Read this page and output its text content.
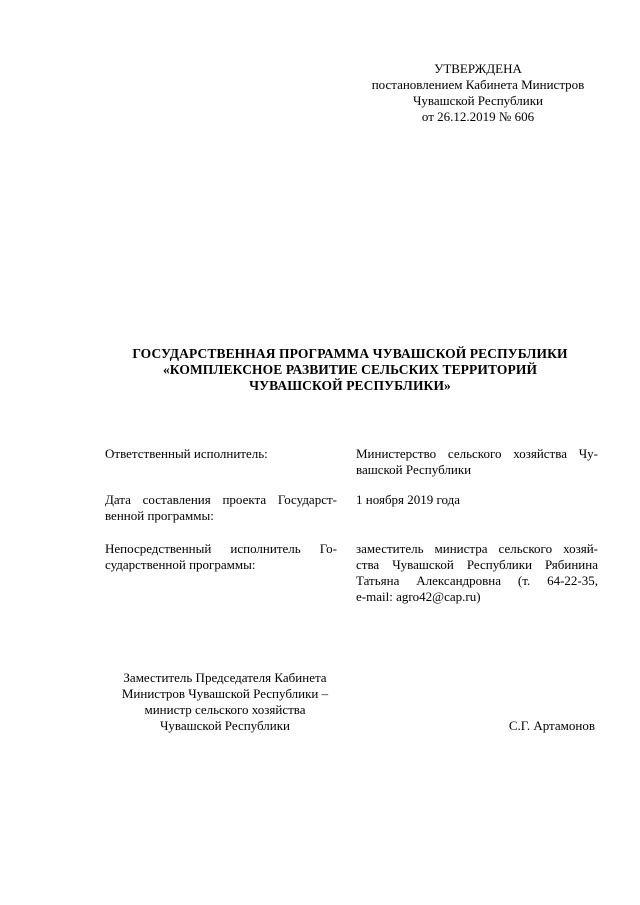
УТВЕРЖДЕНА
постановлением Кабинета Министров
Чувашской Республики
от 26.12.2019 № 606
ГОСУДАРСТВЕННАЯ ПРОГРАММА ЧУВАШСКОЙ РЕСПУБЛИКИ
«КОМПЛЕКСНОЕ РАЗВИТИЕ СЕЛЬСКИХ ТЕРРИТОРИЙ
ЧУВАШСКОЙ РЕСПУБЛИКИ»
Ответственный исполнитель:	Министерство сельского хозяйства Чу-
вашской Республики
Дата составления проекта Государст-
венной программы:
1 ноября 2019 года
Непосредственный исполнитель Го-
сударственной программы:
заместитель министра сельского хозяй-
ства Чувашской Республики Рябинина
Татьяна Александровна (т. 64-22-35,
e-mail: agro42@cap.ru)
Заместитель Председателя Кабинета
Министров Чувашской Республики –
министр сельского хозяйства
Чувашской Республики	С.Г. Артамонов
